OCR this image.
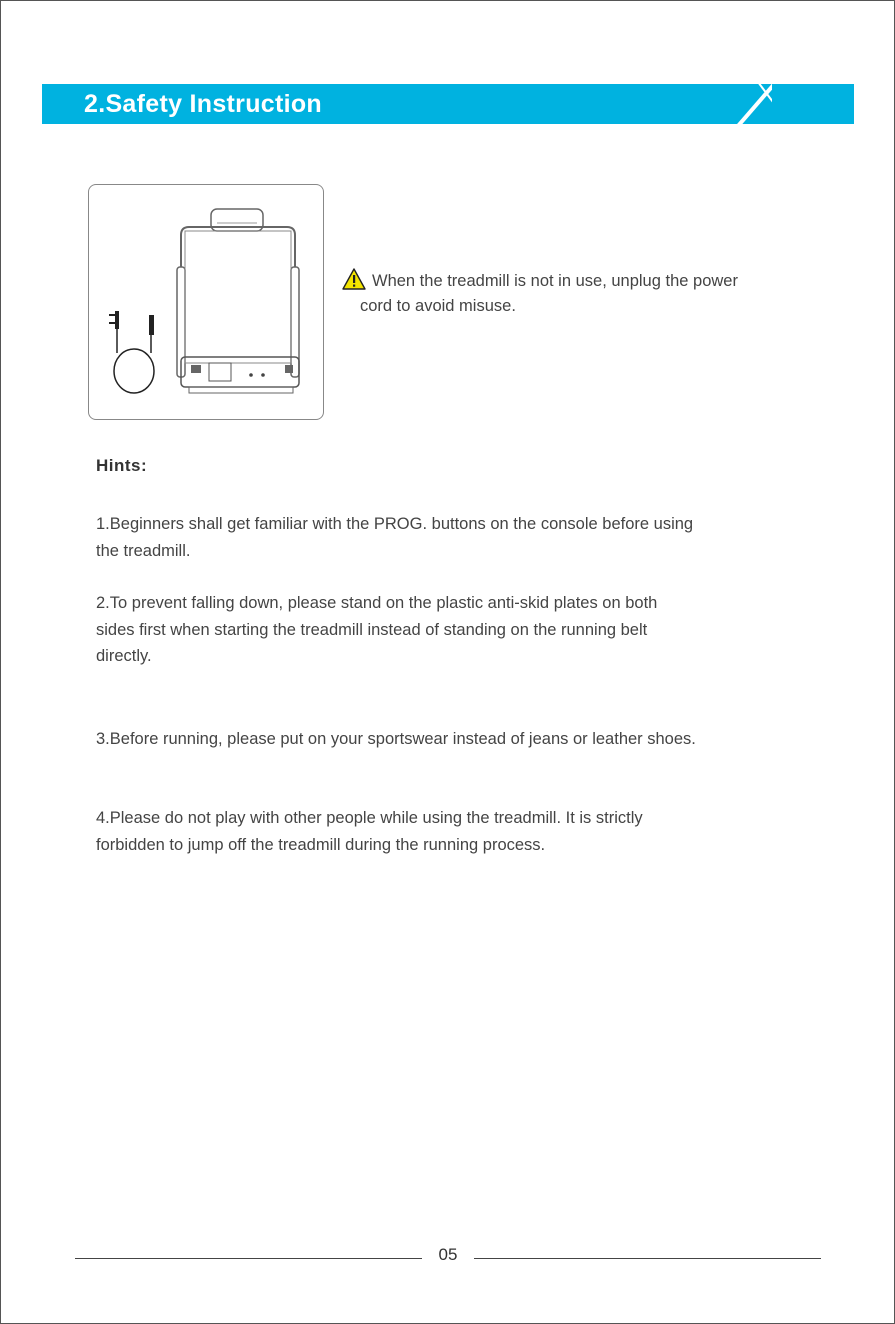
2.Safety Instruction
When the treadmill is not in use, unplug the power
cord to avoid misuse.
Hints:

1.Beginners shall get familiar with the PROG. buttons on the console before using
the treadmill.

2.To prevent falling down, please stand on the plastic anti-skid plates on both
sides first when starting the treadmill instead of standing on the running belt
directly.

3.Before running, please put on your sportswear instead of jeans or leather shoes.

4.Please do not play with other people while using the treadmill. It is strictly
forbidden to jump off the treadmill during the running process.

05
